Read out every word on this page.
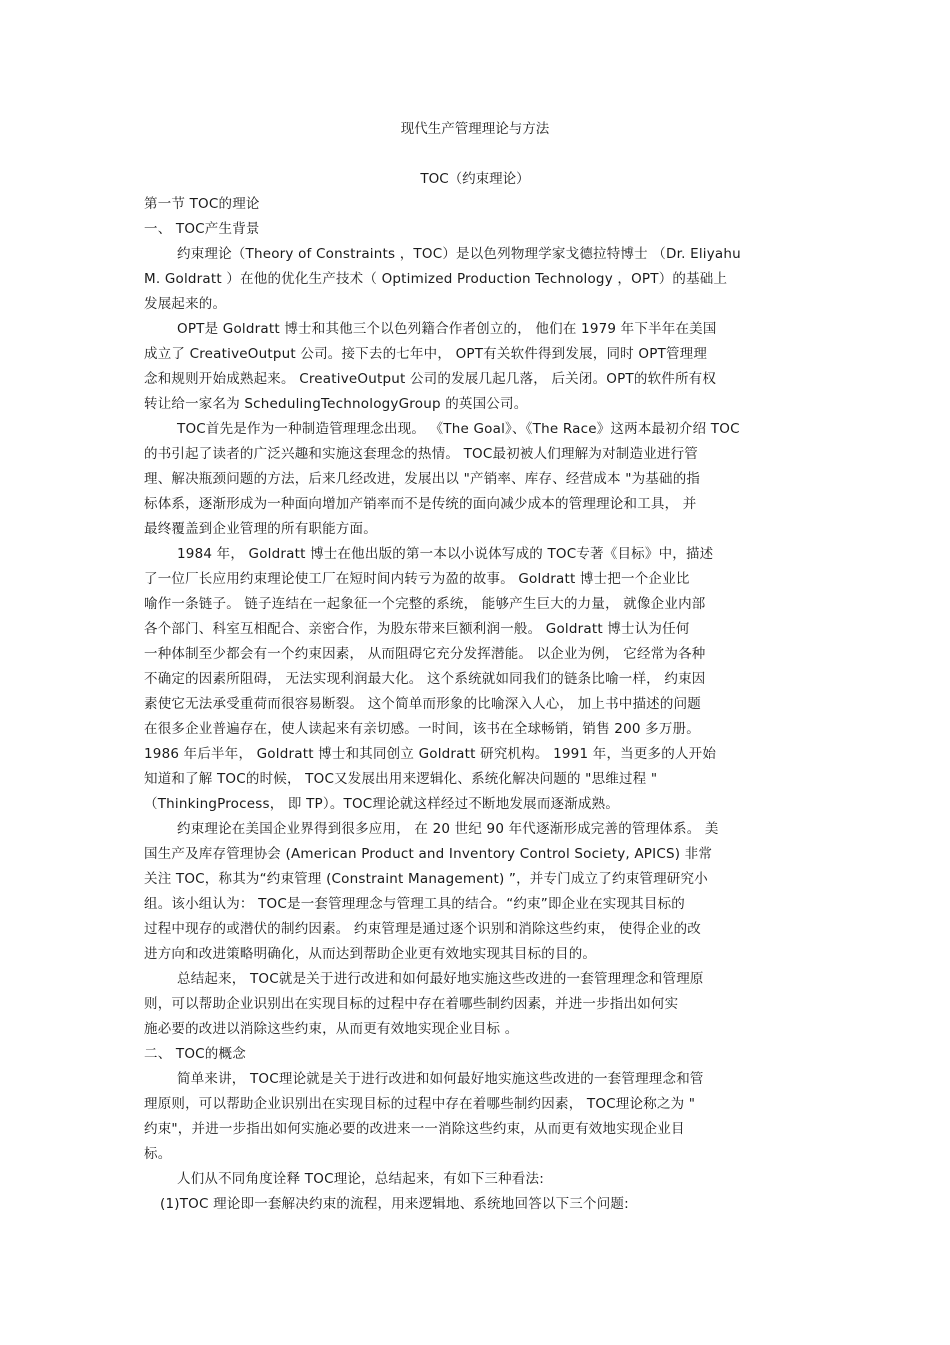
现代生产管理理论与方法
TOC（约束理论）
第一节 TOC的理论
一、 TOC产生背景
约束理论（Theory of Constraints ，TOC）是以色列物理学家戈德拉特博士 （Dr. Eliyahu
M. Goldratt ）在他的优化生产技术（ Optimized Production Technology ，OPT）的基础上
发展起来的。
OPT是 Goldratt 博士和其他三个以色列籍合作者创立的， 他们在 1979 年下半年在美国
成立了 CreativeOutput 公司。接下去的七年中， OPT有关软件得到发展，同时 OPT管理理
念和规则开始成熟起来。 CreativeOutput 公司的发展几起几落， 后关闭。OPT的软件所有权
转让给一家名为 SchedulingTechnologyGroup 的英国公司。
TOC首先是作为一种制造管理理念出现。 《The Goal》、《The Race》这两本最初介绍 TOC
的书引起了读者的广泛兴趣和实施这套理念的热情。 TOC最初被人们理解为对制造业进行管
理、解决瓶颈问题的方法，后来几经改进，发展出以 "产销率、库存、经营成本 "为基础的指
标体系，逐渐形成为一种面向增加产销率而不是传统的面向减少成本的管理理论和工具， 并
最终覆盖到企业管理的所有职能方面。
1984 年， Goldratt 博士在他出版的第一本以小说体写成的 TOC专著《目标》中，描述
了一位厂长应用约束理论使工厂在短时间内转亏为盈的故事。 Goldratt 博士把一个企业比
喻作一条链子。 链子连结在一起象征一个完整的系统， 能够产生巨大的力量， 就像企业内部
各个部门、科室互相配合、亲密合作，为股东带来巨额利润一般。 Goldratt 博士认为任何
一种体制至少都会有一个约束因素， 从而阻碍它充分发挥潜能。 以企业为例， 它经常为各种
不确定的因素所阻碍， 无法实现利润最大化。 这个系统就如同我们的链条比喻一样， 约束因
素使它无法承受重荷而很容易断裂。 这个简单而形象的比喻深入人心， 加上书中描述的问题
在很多企业普遍存在，使人读起来有亲切感。一时间，该书在全球畅销，销售 200 多万册。
1986 年后半年， Goldratt 博士和其同创立 Goldratt 研究机构。 1991 年，当更多的人开始
知道和了解 TOC的时候， TOC又发展出用来逻辑化、系统化解决问题的 "思维过程 "
（ThinkingProcess， 即 TP）。TOC理论就这样经过不断地发展而逐渐成熟。
约束理论在美国企业界得到很多应用， 在 20 世纪 90 年代逐渐形成完善的管理体系。 美
国生产及库存管理协会 (American Product and Inventory Control Society, APICS) 非常
关注 TOC，称其为“约束管理 (Constraint Management) ”，并专门成立了约束管理研究小
组。该小组认为： TOC是一套管理理念与管理工具的结合。“约束”即企业在实现其目标的
过程中现存的或潜伏的制约因素。 约束管理是通过逐个识别和消除这些约束， 使得企业的改
进方向和改进策略明确化，从而达到帮助企业更有效地实现其目标的目的。
总结起来， TOC就是关于进行改进和如何最好地实施这些改进的一套管理理念和管理原
则，可以帮助企业识别出在实现目标的过程中存在着哪些制约因素，并进一步指出如何实
施必要的改进以消除这些约束，从而更有效地实现企业目标 。
二、 TOC的概念
简单来讲， TOC理论就是关于进行改进和如何最好地实施这些改进的一套管理理念和管
理原则，可以帮助企业识别出在实现目标的过程中存在着哪些制约因素， TOC理论称之为 "
约束"，并进一步指出如何实施必要的改进来一一消除这些约束，从而更有效地实现企业目
标。
人们从不同角度诠释 TOC理论，总结起来，有如下三种看法:
(1)TOC 理论即一套解决约束的流程，用来逻辑地、系统地回答以下三个问题:
